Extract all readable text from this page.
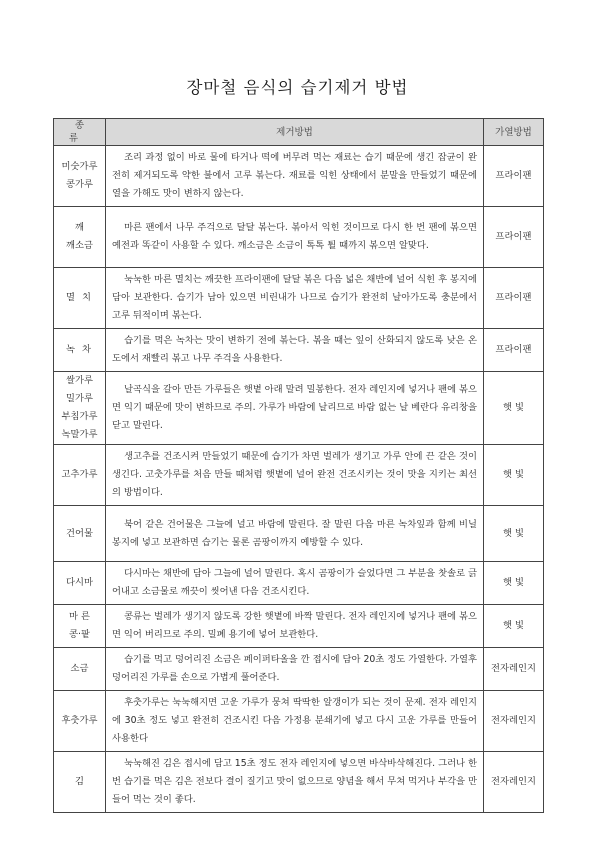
장마철 음식의 습기제거 방법
종 류	제거방법	가열방법
미숫가루
콩가루	조리 과정 없이 바로 물에 타거나 떡에 버무려 먹는 재료는 습기 때문에 생긴 잡균이 완전히 제거되도록 약한 불에서 고루 볶는다. 재료를 익힌 상태에서 분말을 만들었기 때문에 열을 가해도 맛이 변하지 않는다.	프라이팬
깨
깨소금	마른 팬에서 나무 주걱으로 달달 볶는다. 볶아서 익힌 것이므로 다시 한 번 팬에 볶으면 예전과 똑같이 사용할 수 있다. 깨소금은 소금이 톡톡 튈 때까지 볶으면 알맞다.	프라이팬
멸 치	눅눅한 마른 멸치는 깨끗한 프라이팬에 달달 볶은 다음 넓은 채반에 널어 식힌 후 봉지에 담아 보관한다. 습기가 남아 있으면 비린내가 나므로 습기가 완전히 날아가도록 충분에서 고루 뒤적이며 볶는다.	프라이팬
녹 차	습기를 먹은 녹차는 맛이 변하기 전에 볶는다. 볶을 때는 잎이 산화되지 않도록 낮은 온도에서 재빨리 볶고 나무 주걱을 사용한다.	프라이팬
쌀가루
밀가루
부침가루
녹말가루	날곡식을 갈아 만든 가루들은 햇볕 아래 말려 밀봉한다. 전자 레인지에 넣거나 팬에 볶으면 익기 때문에 맛이 변하므로 주의. 가루가 바람에 날리므로 바람 없는 날 베란다 유리창을 닫고 말린다.	햇 빛
고추가루	생고추를 건조시켜 만들었기 때문에 습기가 차면 벌레가 생기고 가루 안에 끈 같은 것이 생긴다. 고춧가루를 처음 만들 때처럼 햇볕에 널어 완전 건조시키는 것이 맛을 지키는 최선의 방법이다.	햇 빛
건어물	북어 같은 건어물은 그늘에 널고 바람에 말린다. 잘 말린 다음 마른 녹차잎과 함께 비닐 봉지에 넣고 보관하면 습기는 물론 곰팡이까지 예방할 수 있다.	햇 빛
다시마	다시마는 채반에 담아 그늘에 널어 말린다. 혹시 곰팡이가 슬었다면 그 부분을 찻솔로 긁어내고 소금물로 깨끗이 씻어낸 다음 건조시킨다.	햇 빛
마 른
콩·팥	콩류는 벌레가 생기지 않도록 강한 햇볕에 바짝 말린다. 전자 레인지에 넣거나 팬에 볶으면 익어 버리므로 주의. 밀폐 용기에 넣어 보관한다.	햇 빛
소금	습기를 먹고 덩어리진 소금은 페이퍼타올을 깐 접시에 담아 20초 정도 가열한다. 가열후 덩어리진 가루를 손으로 가볍게 풀어준다.	전자레인지
후춧가루	후춧가루는 눅눅해지면 고운 가루가 뭉쳐 딱딱한 알갱이가 되는 것이 문제. 전자 레인지에 30초 정도 넣고 완전히 건조시킨 다음 가정용 분쇄기에 넣고 다시 고운 가루를 만들어 사용한다	전자레인지
김	눅눅해진 김은 접시에 담고 15초 정도 전자 레인지에 넣으면 바삭바삭해진다. 그러나 한번 습기를 먹은 김은 전보다 결이 질기고 맛이 없으므로 양념을 해서 무쳐 먹거나 부각을 만들어 먹는 것이 좋다.	전자레인지
